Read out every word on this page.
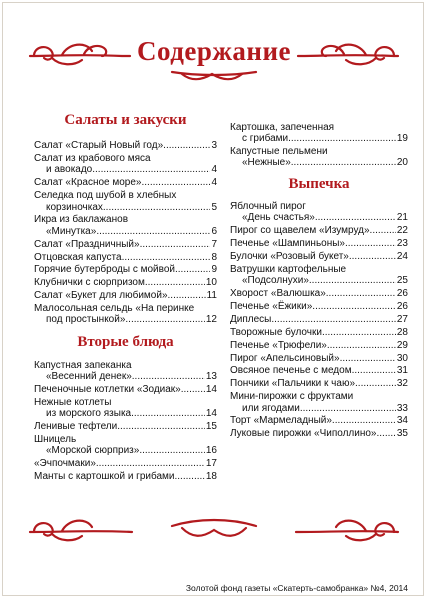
Содержание
Салаты и закуски
Салат «Старый Новый год» .....	3
Салат из крабового мяса
и авокадо .....	4
Салат «Красное море» .....	4
Селедка под шубой в хлебных
корзиночках .....	5
Икра из баклажанов
«Минутка» .....	6
Салат «Праздничный» .....	7
Отцовская капуста .....	8
Горячие бутерброды с мойвой .....	9
Клубнички с сюрпризом .....	10
Салат «Букет для любимой» .....	11
Малосольная сельдь «На перинке
под простынкой» .....	12
Вторые блюда
Капустная запеканка
«Весенний денек» .....	13
Печеночные котлетки «Зодиак» .....	14
Нежные котлеты
из морского языка .....	14
Ленивые тефтели .....	15
Шницель
«Морской сюрприз» .....	16
«Эчпочмаки» .....	17
Манты с картошкой и грибами .....	18
Картошка, запеченная
с грибами .....	19
Капустные пельмени
«Нежные» .....	20
Выпечка
Яблочный пирог
«День счастья» .....	21
Пирог со щавелем «Изумруд» .....	22
Печенье «Шампиньоны» .....	23
Булочки «Розовый букет» .....	24
Ватрушки картофельные
«Подсолнухи» .....	25
Хворост «Валюшка» .....	26
Печенье «Ёжики» .....	26
Диплесы .....	27
Творожные булочки .....	28
Печенье «Трюфели» .....	29
Пирог «Апельсиновый» .....	30
Овсяное печенье с медом .....	31
Пончики «Пальчики к чаю» .....	32
Мини-пирожки с фруктами
или ягодами .....	33
Торт «Мармеладный» .....	34
Луковые пирожки «Чиполлино» ..... 35
Золотой фонд газеты «Скатерть-самобранка» №4, 2014
